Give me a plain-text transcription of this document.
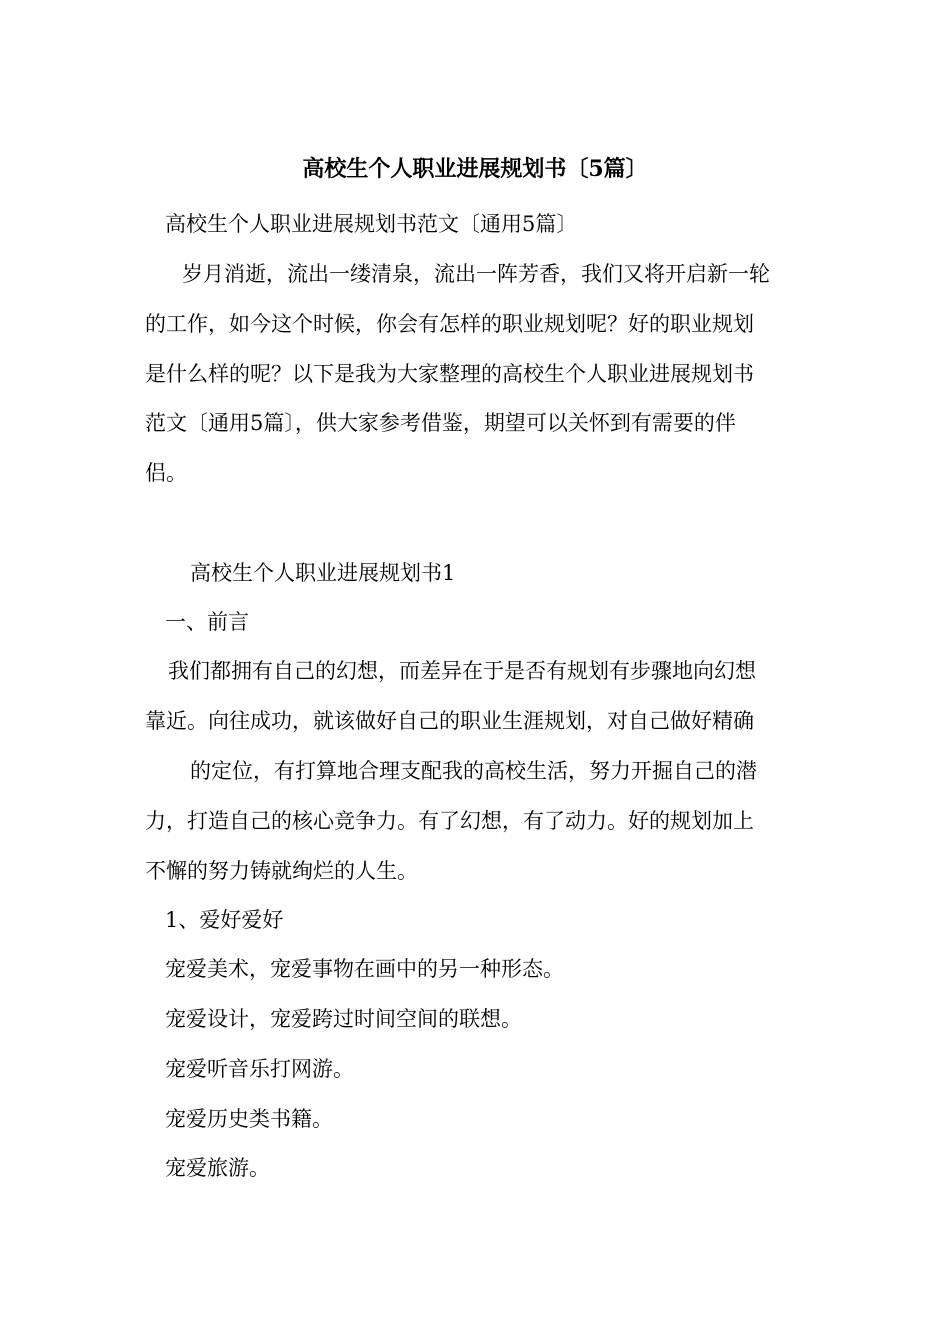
高校生个人职业进展规划书〔5篇〕
高校生个人职业进展规划书范文〔通用5篇〕
岁月消逝，流出一缕清泉，流出一阵芳香，我们又将开启新一轮
的工作，如今这个时候，你会有怎样的职业规划呢？好的职业规划
是什么样的呢？以下是我为大家整理的高校生个人职业进展规划书
范文〔通用5篇〕，供大家参考借鉴，期望可以关怀到有需要的伴
侣。
高校生个人职业进展规划书1
一、前言
我们都拥有自己的幻想，而差异在于是否有规划有步骤地向幻想
靠近。向往成功，就该做好自己的职业生涯规划，对自己做好精确
的定位，有打算地合理支配我的高校生活，努力开掘自己的潜
力，打造自己的核心竞争力。有了幻想，有了动力。好的规划加上
不懈的努力铸就绚烂的人生。
1、爱好爱好
宠爱美术，宠爱事物在画中的另一种形态。
宠爱设计，宠爱跨过时间空间的联想。
宠爱听音乐打网游。
宠爱历史类书籍。
宠爱旅游。
